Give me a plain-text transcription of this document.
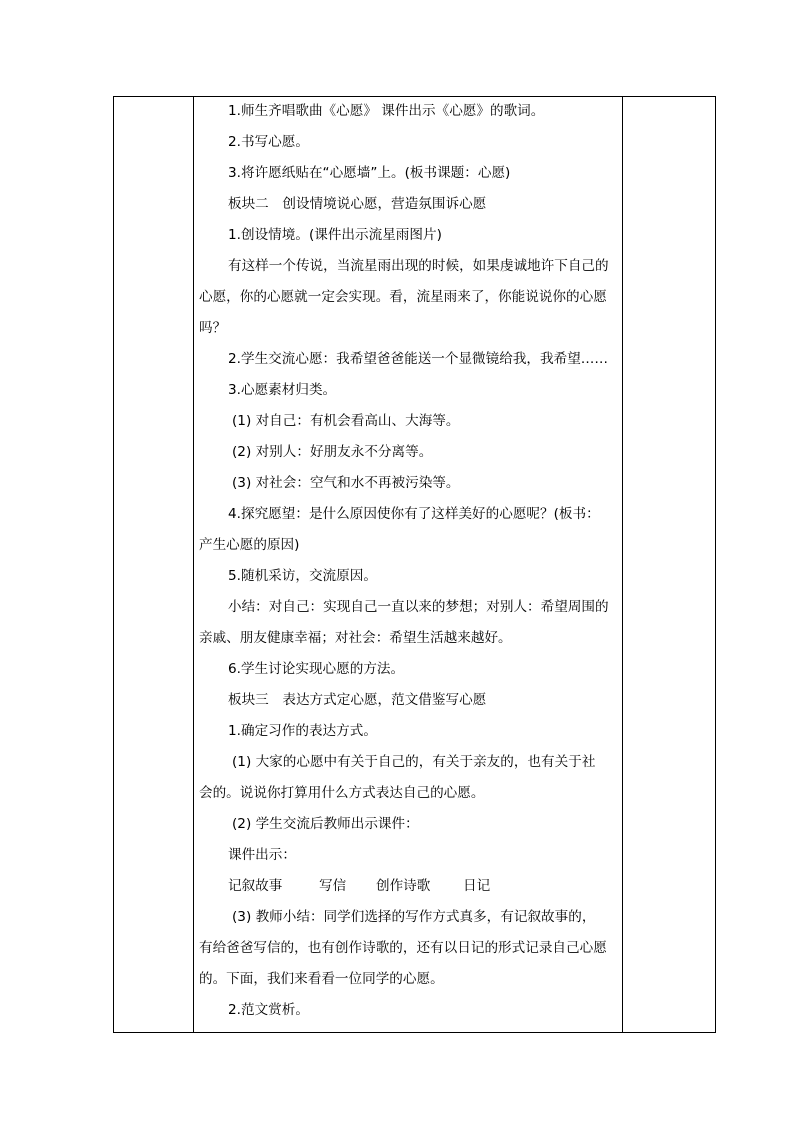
1.师生齐唱歌曲《心愿》 课件出示《心愿》的歌词。

2.书写心愿。

3.将许愿纸贴在“心愿墙”上。(板书课题：心愿)

板块二　创设情境说心愿，营造氛围诉心愿

1.创设情境。(课件出示流星雨图片)

有这样一个传说，当流星雨出现的时候，如果虔诚地许下自己的

心愿，你的心愿就一定会实现。看，流星雨来了，你能说说你的心愿

吗？

2.学生交流心愿：我希望爸爸能送一个显微镜给我，我希望……

3.心愿素材归类。

(1) 对自己：有机会看高山、大海等。

(2) 对别人：好朋友永不分离等。

(3) 对社会：空气和水不再被污染等。

4.探究愿望：是什么原因使你有了这样美好的心愿呢？(板书：

产生心愿的原因)

5.随机采访，交流原因。

小结：对自己：实现自己一直以来的梦想；对别人：希望周围的

亲戚、朋友健康幸福；对社会：希望生活越来越好。

6.学生讨论实现心愿的方法。

板块三　表达方式定心愿，范文借鉴写心愿

1.确定习作的表达方式。

(1) 大家的心愿中有关于自己的，有关于亲友的，也有关于社

会的。说说你打算用什么方式表达自己的心愿。

(2) 学生交流后教师出示课件：

课件出示：

记叙故事	写信	创作诗歌	日记

(3) 教师小结：同学们选择的写作方式真多，有记叙故事的，

有给爸爸写信的，也有创作诗歌的，还有以日记的形式记录自己心愿

的。下面，我们来看看一位同学的心愿。

2.范文赏析。
